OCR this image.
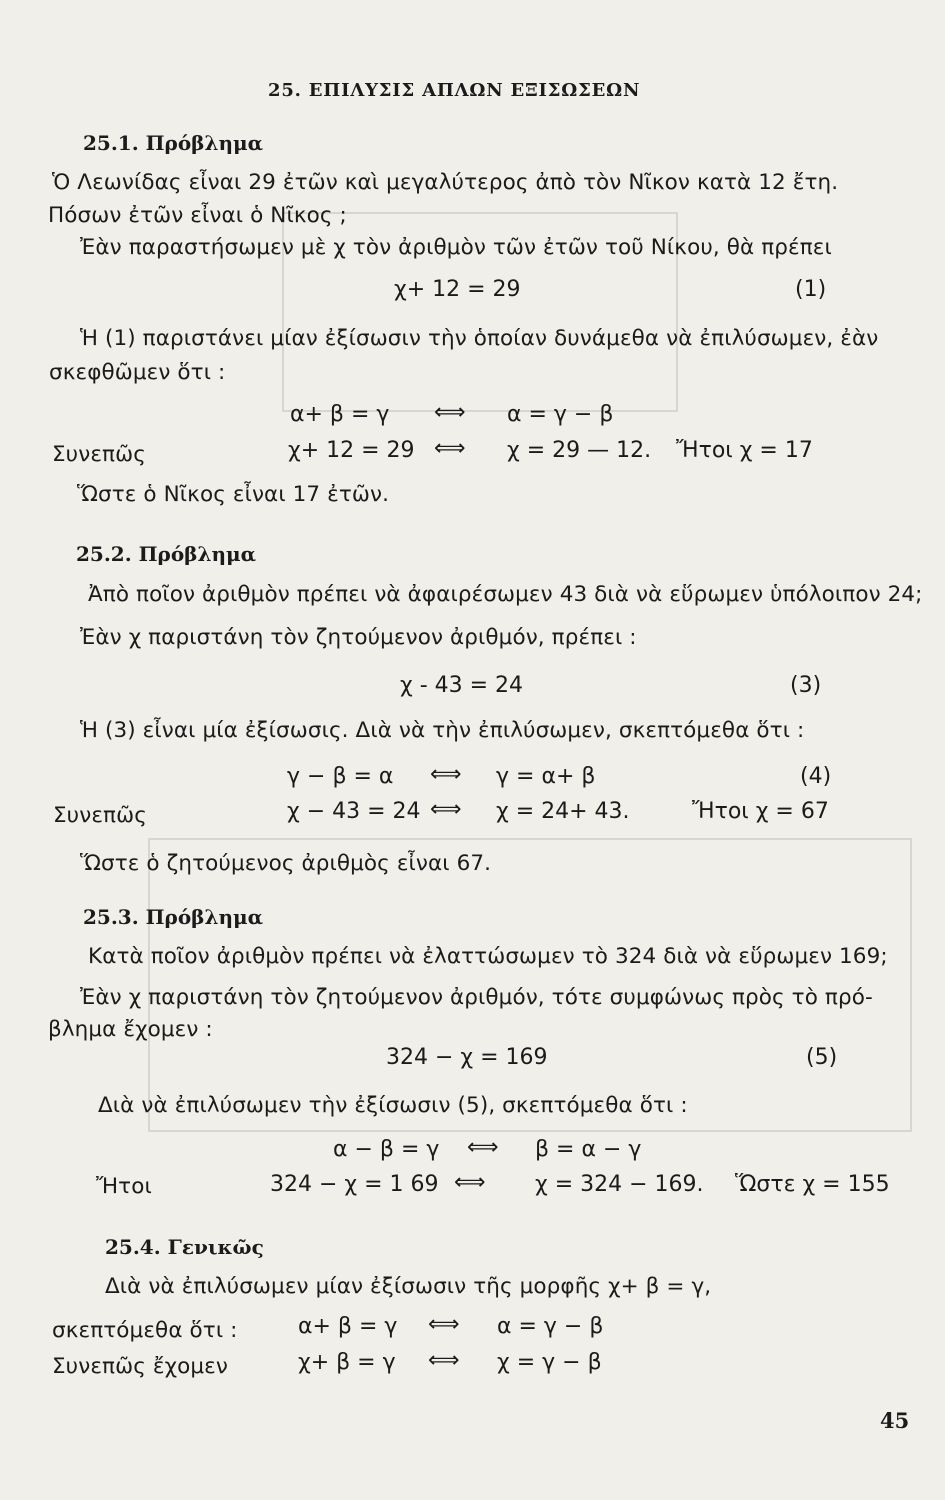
25. ΕΠΙΛΥΣΙΣ ΑΠΛΩΝ ΕΞΙΣΩΣΕΩΝ
25.1. Πρόβλημα
Ὁ Λεωνίδας εἶναι 29 ἐτῶν καὶ μεγαλύτερος ἀπὸ τὸν Νῖκον κατὰ 12 ἔτη.
Πόσων ἐτῶν εἶναι ὁ Νῖκος ;
Ἐὰν παραστήσωμεν μὲ χ τὸν ἀριθμὸν τῶν ἐτῶν τοῦ Νίκου, θὰ πρέπει
χ+ 12 = 29	(1)
Ἡ (1) παριστάνει μίαν ἐξίσωσιν τὴν ὁποίαν δυνάμεθα νὰ ἐπιλύσωμεν, ἐὰν
σκεφθῶμεν ὅτι :
α+ β = γ ⟺ α = γ − β
Συνεπῶς	χ+ 12 = 29 ⟺ χ = 29 — 12. Ἤτοι χ = 17
Ὥστε ὁ Νῖκος εἶναι 17 ἐτῶν.
25.2. Πρόβλημα
Ἀπὸ ποῖον ἀριθμὸν πρέπει νὰ ἀφαιρέσωμεν 43 διὰ νὰ εὕρωμεν ὑπόλοιπον 24;
Ἐὰν χ παριστάνη τὸν ζητούμενον ἀριθμόν, πρέπει :
χ - 43 = 24	(3)
Ἡ (3) εἶναι μία ἐξίσωσις. Διὰ νὰ τὴν ἐπιλύσωμεν, σκεπτόμεθα ὅτι :
γ − β = α ⟺ γ = α+ β	(4)
Συνεπῶς	χ − 43 = 24 ⟺ χ = 24+ 43.	Ἤτοι χ = 67
Ὥστε ὁ ζητούμενος ἀριθμὸς εἶναι 67.
25.3. Πρόβλημα
Κατὰ ποῖον ἀριθμὸν πρέπει νὰ ἐλαττώσωμεν τὸ 324 διὰ νὰ εὕρωμεν 169;
Ἐὰν χ παριστάνη τὸν ζητούμενον ἀριθμόν, τότε συμφώνως πρὸς τὸ πρό-
βλημα ἔχομεν :
324 − χ = 169	(5)
Διὰ νὰ ἐπιλύσωμεν τὴν ἐξίσωσιν (5), σκεπτόμεθα ὅτι :
α − β = γ ⟺ β = α − γ
Ἤτοι	324 − χ = 1 69 ⟺ χ = 324 − 169. Ὥστε χ = 155
25.4. Γενικῶς
Διὰ νὰ ἐπιλύσωμεν μίαν ἐξίσωσιν τῆς μορφῆς χ+ β = γ,
σκεπτόμεθα ὅτι :	α+ β = γ ⟺ α = γ − β
Συνεπῶς ἔχομεν	χ+ β = γ ⟺ χ = γ − β
45
